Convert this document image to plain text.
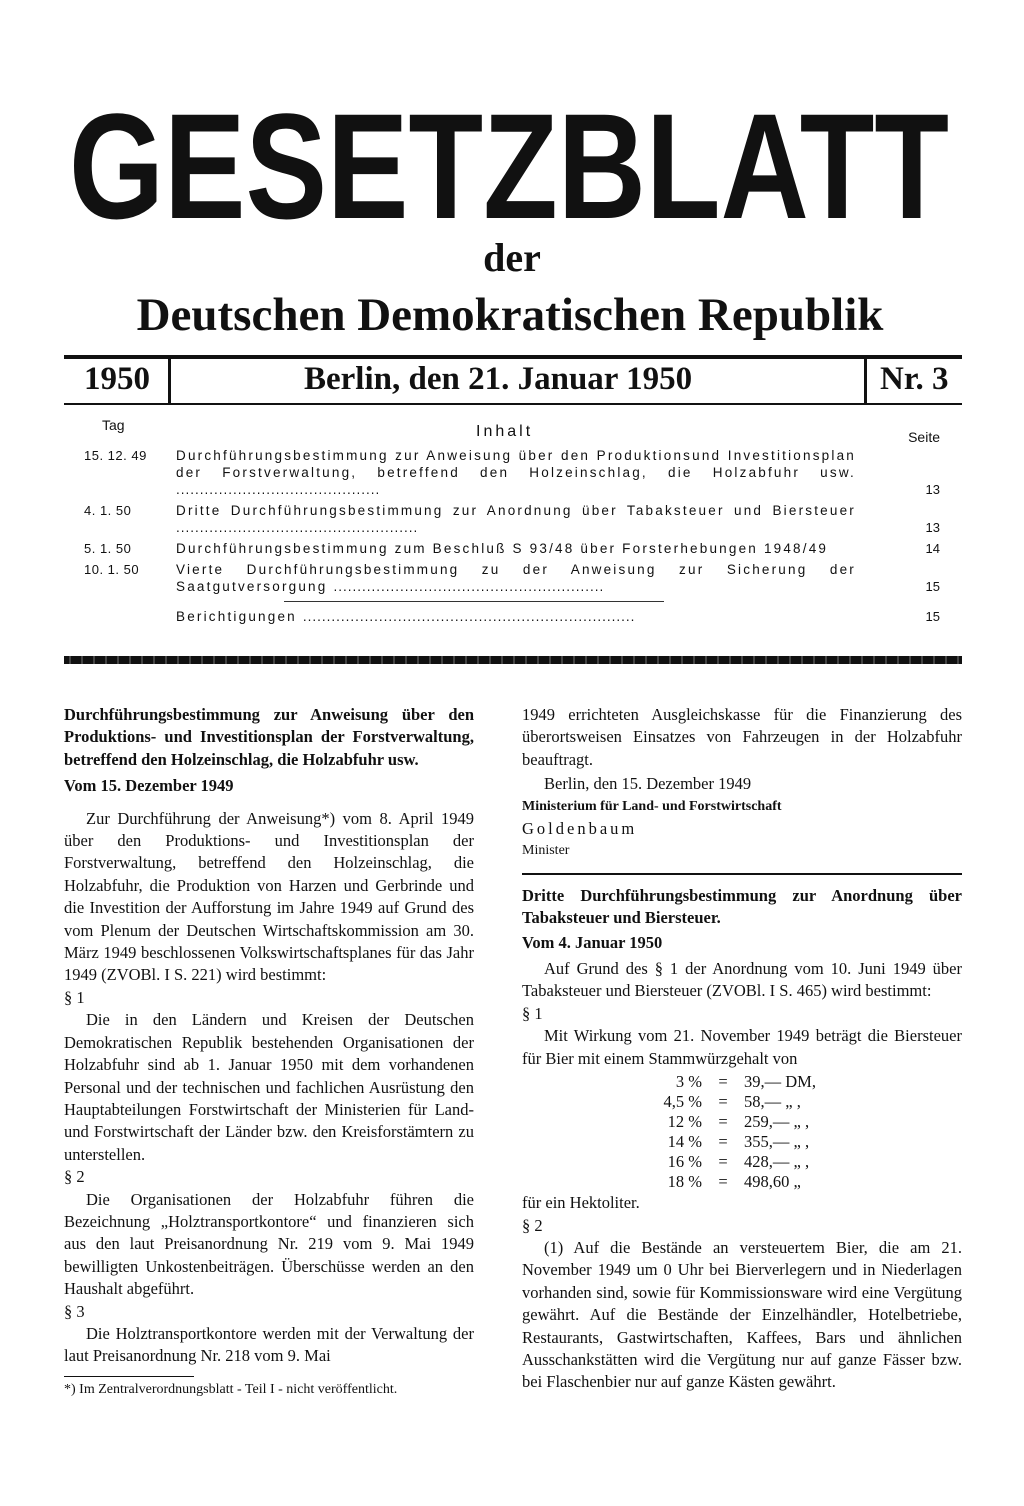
GESETZBLATT
der
Deutschen Demokratischen Republik
1950	Berlin, den 21. Januar 1950	Nr. 3
Tag	Inhalt	Seite
15. 12. 49	Durchführungsbestimmung zur Anweisung über den Produktionsund Investitionsplan der Forstverwaltung, betreffend den Holzeinschlag, die Holzabfuhr usw. ...........................................	13
4. 1. 50	Dritte Durchführungsbestimmung zur Anordnung über Tabaksteuer und Biersteuer ...................................................	13
5. 1. 50	Durchführungsbestimmung zum Beschluß S 93/48 über Forsterhebungen 1948/49	14
10. 1. 50	Vierte Durchführungsbestimmung zu der Anweisung zur Sicherung der Saatgutversorgung .........................................................	15
Berichtigungen ......................................................................	15

Durchführungsbestimmung zur Anweisung über den Produktions- und Investitionsplan der Forstverwaltung, betreffend den Holzeinschlag, die Holzabfuhr usw.

Vom 15. Dezember 1949

Zur Durchführung der Anweisung*) vom 8. April 1949 über den Produktions- und Investitionsplan der Forstverwaltung, betreffend den Holzeinschlag, die Holzabfuhr, die Produktion von Harzen und Gerbrinde und die Investition der Aufforstung im Jahre 1949 auf Grund des vom Plenum der Deutschen Wirtschaftskommission am 30. März 1949 beschlossenen Volkswirtschaftsplanes für das Jahr 1949 (ZVOBl. I S. 221) wird bestimmt:

§ 1

Die in den Ländern und Kreisen der Deutschen Demokratischen Republik bestehenden Organisationen der Holzabfuhr sind ab 1. Januar 1950 mit dem vorhandenen Personal und der technischen und fachlichen Ausrüstung den Hauptabteilungen Forstwirtschaft der Ministerien für Land- und Forstwirtschaft der Länder bzw. den Kreisforstämtern zu unterstellen.

§ 2

Die Organisationen der Holzabfuhr führen die Bezeichnung „Holztransportkontore“ und finanzieren sich aus den laut Preisanordnung Nr. 219 vom 9. Mai 1949 bewilligten Unkostenbeiträgen. Überschüsse werden an den Haushalt abgeführt.

§ 3

Die Holztransportkontore werden mit der Verwaltung der laut Preisanordnung Nr. 218 vom 9. Mai

*) Im Zentralverordnungsblatt - Teil I - nicht veröffentlicht.

1949 errichteten Ausgleichskasse für die Finanzierung des überortsweisen Einsatzes von Fahrzeugen in der Holzabfuhr beauftragt.

Berlin, den 15. Dezember 1949

Ministerium für Land- und Forstwirtschaft

Goldenbaum

Minister

Dritte Durchführungsbestimmung zur Anordnung über Tabaksteuer und Biersteuer.

Vom 4. Januar 1950

Auf Grund des § 1 der Anordnung vom 10. Juni 1949 über Tabaksteuer und Biersteuer (ZVOBl. I S. 465) wird bestimmt:

§ 1

Mit Wirkung vom 21. November 1949 beträgt die Biersteuer für Bier mit einem Stammwürzgehalt von

3 %	=	39,— DM,
4,5 %	=	58,— „ ,
12 %	=	259,— „ ,
14 %	=	355,— „ ,
16 %	=	428,— „ ,
18 %	=	498,60 „

für ein Hektoliter.

§ 2

(1) Auf die Bestände an versteuertem Bier, die am 21. November 1949 um 0 Uhr bei Bierverlegern und in Niederlagen vorhanden sind, sowie für Kommissionsware wird eine Vergütung gewährt. Auf die Bestände der Einzelhändler, Hotelbetriebe, Restaurants, Gastwirtschaften, Kaffees, Bars und ähnlichen Ausschankstätten wird die Vergütung nur auf ganze Fässer bzw. bei Flaschenbier nur auf ganze Kästen gewährt.
